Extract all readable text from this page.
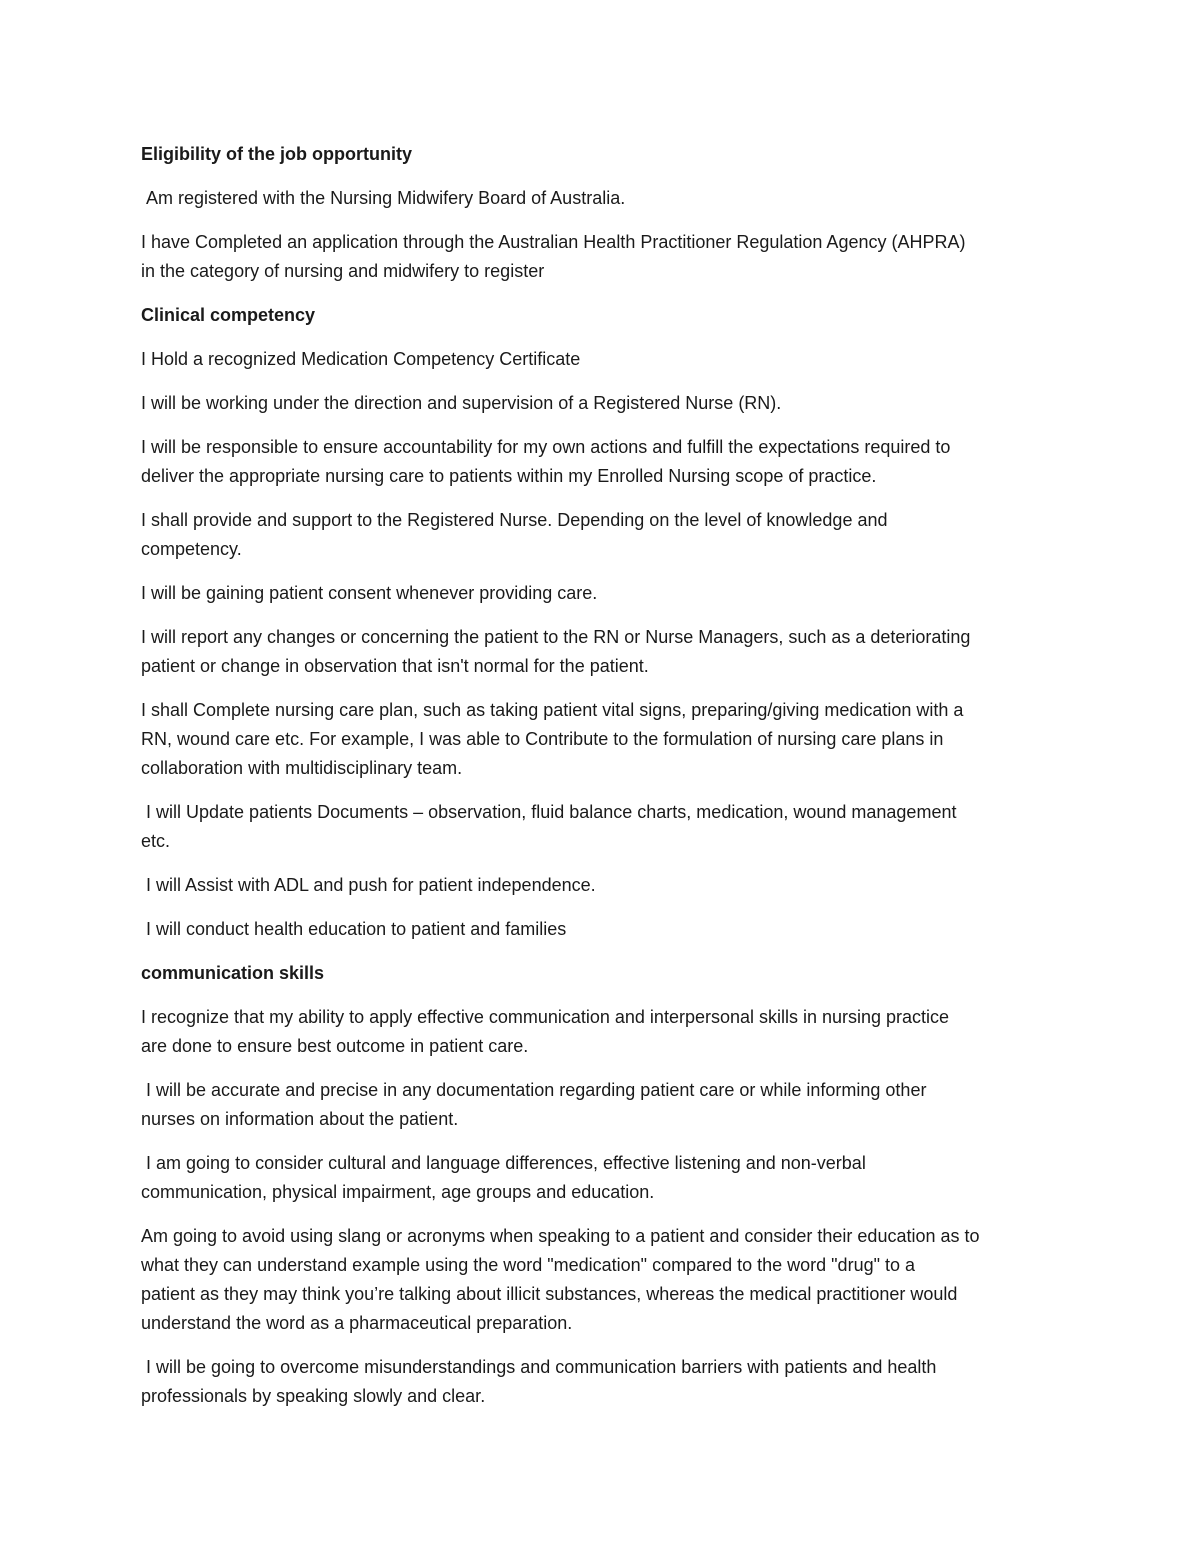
Eligibility of the job opportunity

Am registered with the Nursing Midwifery Board of Australia.

I have Completed an application through the Australian Health Practitioner Regulation Agency (AHPRA)
in the category of nursing and midwifery to register

Clinical competency

I Hold a recognized Medication Competency Certificate

I will be working under the direction and supervision of a Registered Nurse (RN).

I will be responsible to ensure accountability for my own actions and fulfill the expectations required to
deliver the appropriate nursing care to patients within my Enrolled Nursing scope of practice.

I shall provide and support to the Registered Nurse. Depending on the level of knowledge and
competency.

I will be gaining patient consent whenever providing care.

I will report any changes or concerning the patient to the RN or Nurse Managers, such as a deteriorating
patient or change in observation that isn't normal for the patient.

I shall Complete nursing care plan, such as taking patient vital signs, preparing/giving medication with a
RN, wound care etc. For example, I was able to Contribute to the formulation of nursing care plans in
collaboration with multidisciplinary team.

I will Update patients Documents – observation, fluid balance charts, medication, wound management
etc.

I will Assist with ADL and push for patient independence.

I will conduct health education to patient and families

communication skills

I recognize that my ability to apply effective communication and interpersonal skills in nursing practice
are done to ensure best outcome in patient care.

I will be accurate and precise in any documentation regarding patient care or while informing other
nurses on information about the patient.

I am going to consider cultural and language differences, effective listening and non-verbal
communication, physical impairment, age groups and education.

Am going to avoid using slang or acronyms when speaking to a patient and consider their education as to
what they can understand example using the word "medication" compared to the word "drug" to a
patient as they may think you’re talking about illicit substances, whereas the medical practitioner would
understand the word as a pharmaceutical preparation.

I will be going to overcome misunderstandings and communication barriers with patients and health
professionals by speaking slowly and clear.
